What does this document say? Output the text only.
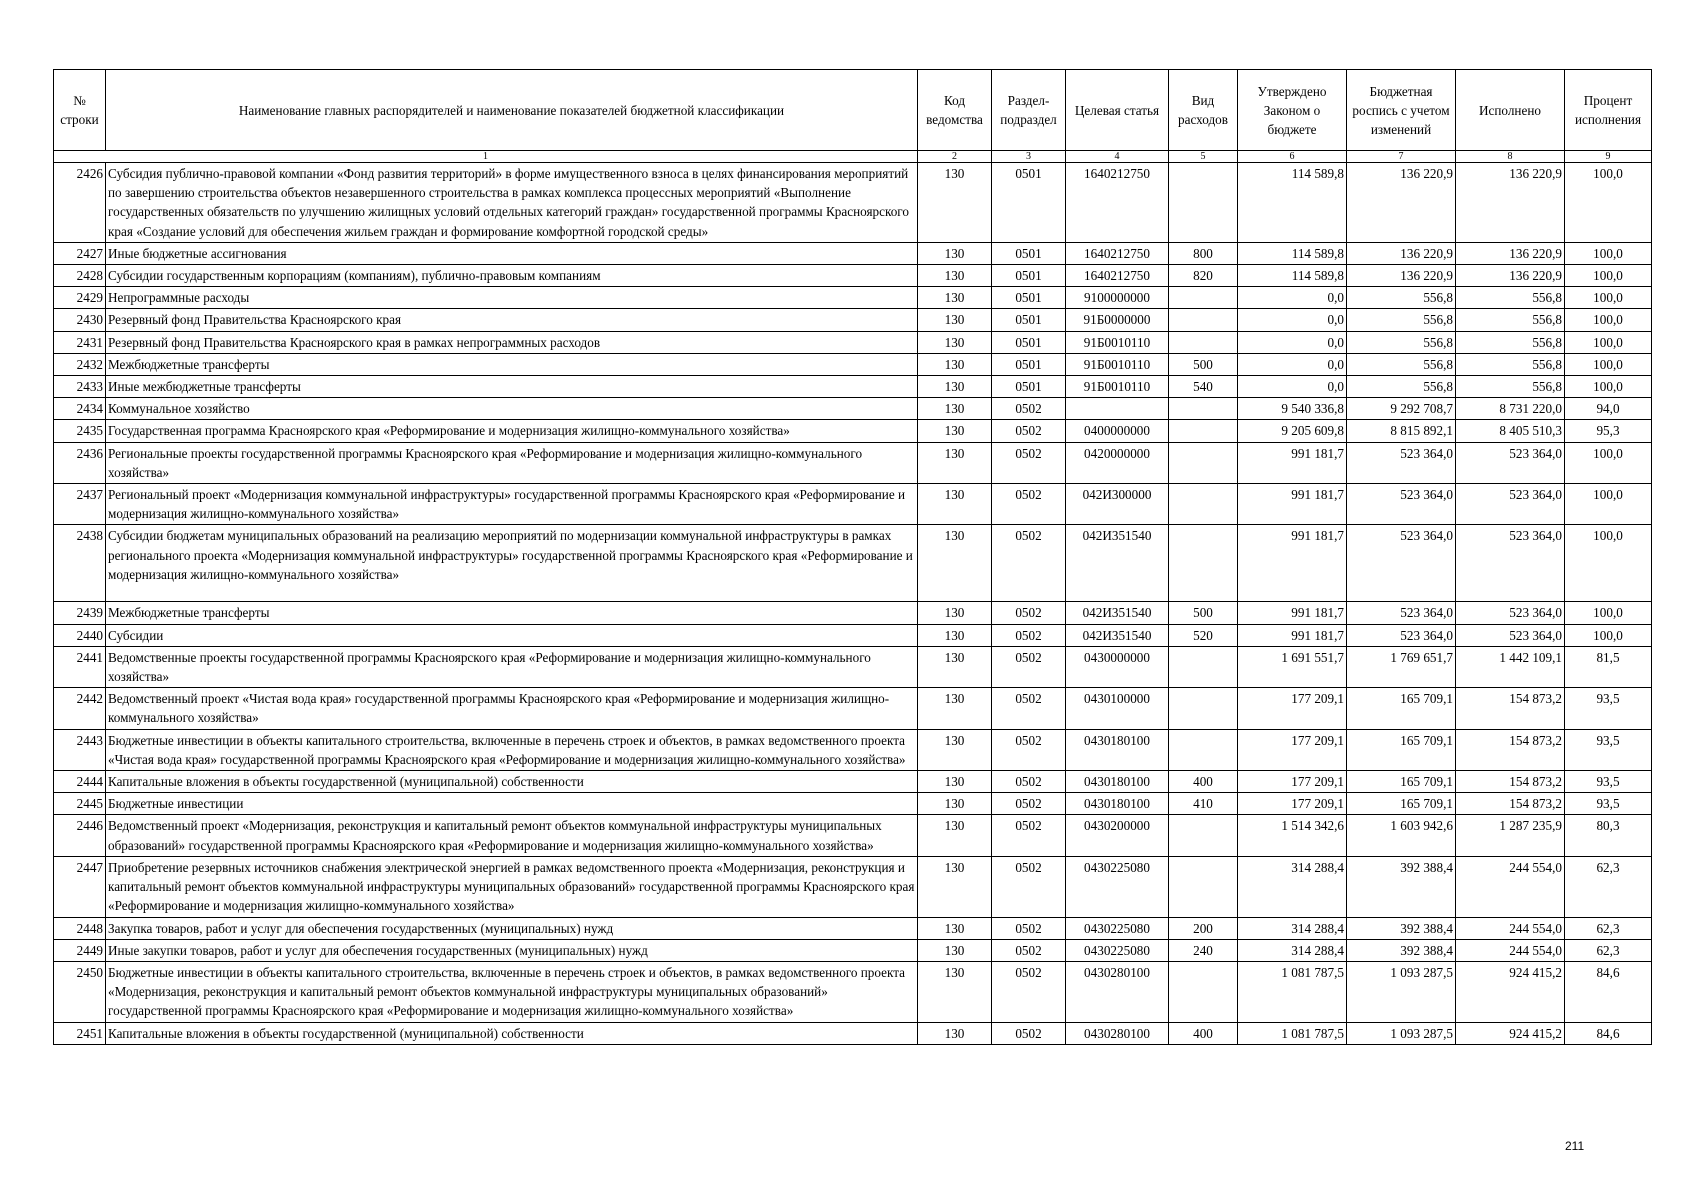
№ строки	Наименование главных распорядителей и наименование показателей бюджетной классификации	Код ведомства	Раздел-подраздел	Целевая статья	Вид расходов	Утверждено Законом о бюджете	Бюджетная роспись с учетом изменений	Исполнено	Процент исполнения
1		2	3	4	5	6	7	8	9
2426	Субсидия публично-правовой компании «Фонд развития территорий» в форме имущественного взноса в целях финансирования мероприятий по завершению строительства объектов незавершенного строительства в рамках комплекса процессных мероприятий «Выполнение государственных обязательств по улучшению жилищных условий отдельных категорий граждан» государственной программы Красноярского края «Создание условий для обеспечения жильем граждан и формирование комфортной городской среды»	130	0501	1640212750		114 589,8	136 220,9	136 220,9	100,0
2427	Иные бюджетные ассигнования	130	0501	1640212750	800	114 589,8	136 220,9	136 220,9	100,0
2428	Субсидии государственным корпорациям (компаниям), публично-правовым компаниям	130	0501	1640212750	820	114 589,8	136 220,9	136 220,9	100,0
2429	Непрограммные расходы	130	0501	9100000000		0,0	556,8	556,8	100,0
2430	Резервный фонд Правительства Красноярского края	130	0501	91Б0000000		0,0	556,8	556,8	100,0
2431	Резервный фонд Правительства Красноярского края в рамках непрограммных расходов	130	0501	91Б0010110		0,0	556,8	556,8	100,0
2432	Межбюджетные трансферты	130	0501	91Б0010110	500	0,0	556,8	556,8	100,0
2433	Иные межбюджетные трансферты	130	0501	91Б0010110	540	0,0	556,8	556,8	100,0
2434	Коммунальное хозяйство	130	0502			9 540 336,8	9 292 708,7	8 731 220,0	94,0
2435	Государственная программа Красноярского края «Реформирование и модернизация жилищно-коммунального хозяйства»	130	0502	0400000000		9 205 609,8	8 815 892,1	8 405 510,3	95,3
2436	Региональные проекты государственной программы Красноярского края «Реформирование и модернизация жилищно-коммунального хозяйства»	130	0502	0420000000		991 181,7	523 364,0	523 364,0	100,0
2437	Региональный проект «Модернизация коммунальной инфраструктуры» государственной программы Красноярского края «Реформирование и модернизация жилищно-коммунального хозяйства»	130	0502	042И300000		991 181,7	523 364,0	523 364,0	100,0
2438	Субсидии бюджетам муниципальных образований на реализацию мероприятий по модернизации коммунальной инфраструктуры в рамках регионального проекта «Модернизация коммунальной инфраструктуры» государственной программы Красноярского края «Реформирование и модернизация жилищно-коммунального хозяйства»	130	0502	042И351540		991 181,7	523 364,0	523 364,0	100,0
2439	Межбюджетные трансферты	130	0502	042И351540	500	991 181,7	523 364,0	523 364,0	100,0
2440	Субсидии	130	0502	042И351540	520	991 181,7	523 364,0	523 364,0	100,0
2441	Ведомственные проекты государственной программы Красноярского края «Реформирование и модернизация жилищно-коммунального хозяйства»	130	0502	0430000000		1 691 551,7	1 769 651,7	1 442 109,1	81,5
2442	Ведомственный проект «Чистая вода края» государственной программы Красноярского края «Реформирование и модернизация жилищно-коммунального хозяйства»	130	0502	0430100000		177 209,1	165 709,1	154 873,2	93,5
2443	Бюджетные инвестиции в объекты капитального строительства, включенные в перечень строек и объектов, в рамках ведомственного проекта «Чистая вода края» государственной программы Красноярского края «Реформирование и модернизация жилищно-коммунального хозяйства»	130	0502	0430180100		177 209,1	165 709,1	154 873,2	93,5
2444	Капитальные вложения в объекты государственной (муниципальной) собственности	130	0502	0430180100	400	177 209,1	165 709,1	154 873,2	93,5
2445	Бюджетные инвестиции	130	0502	0430180100	410	177 209,1	165 709,1	154 873,2	93,5
2446	Ведомственный проект «Модернизация, реконструкция и капитальный ремонт объектов коммунальной инфраструктуры муниципальных образований» государственной программы Красноярского края «Реформирование и модернизация жилищно-коммунального хозяйства»	130	0502	0430200000		1 514 342,6	1 603 942,6	1 287 235,9	80,3
2447	Приобретение резервных источников снабжения электрической энергией в рамках ведомственного проекта «Модернизация, реконструкция и капитальный ремонт объектов коммунальной инфраструктуры муниципальных образований» государственной программы Красноярского края «Реформирование и модернизация жилищно-коммунального хозяйства»	130	0502	0430225080		314 288,4	392 388,4	244 554,0	62,3
2448	Закупка товаров, работ и услуг для обеспечения государственных (муниципальных) нужд	130	0502	0430225080	200	314 288,4	392 388,4	244 554,0	62,3
2449	Иные закупки товаров, работ и услуг для обеспечения государственных (муниципальных) нужд	130	0502	0430225080	240	314 288,4	392 388,4	244 554,0	62,3
2450	Бюджетные инвестиции в объекты капитального строительства, включенные в перечень строек и объектов, в рамках ведомственного проекта «Модернизация, реконструкция и капитальный ремонт объектов коммунальной инфраструктуры муниципальных образований» государственной программы Красноярского края «Реформирование и модернизация жилищно-коммунального хозяйства»	130	0502	0430280100		1 081 787,5	1 093 287,5	924 415,2	84,6
2451	Капитальные вложения в объекты государственной (муниципальной) собственности	130	0502	0430280100	400	1 081 787,5	1 093 287,5	924 415,2	84,6
211
